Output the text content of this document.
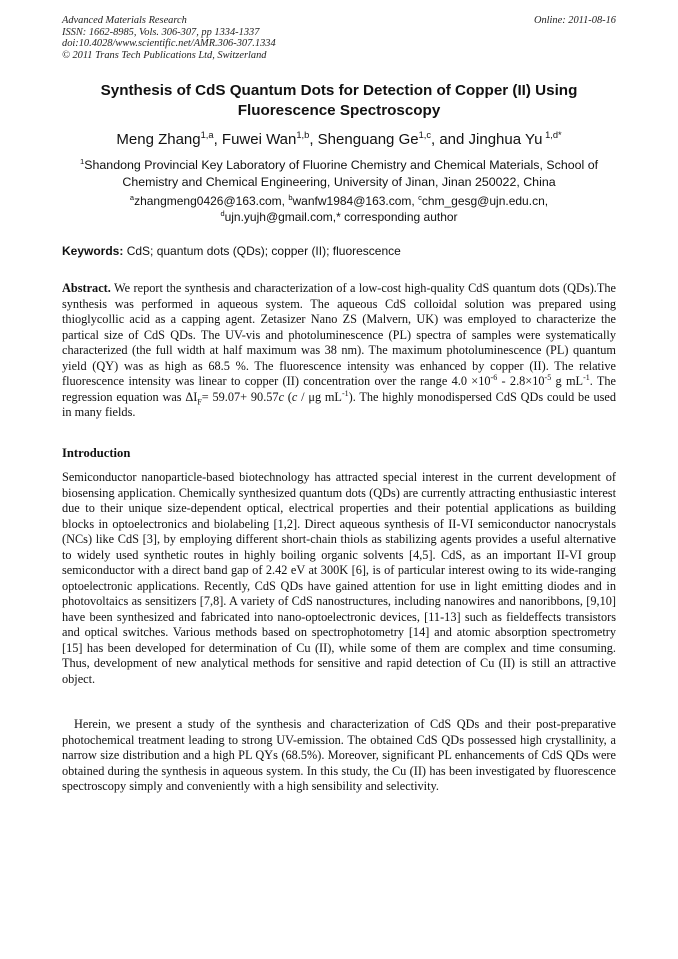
Advanced Materials Research
ISSN: 1662-8985, Vols. 306-307, pp 1334-1337
doi:10.4028/www.scientific.net/AMR.306-307.1334
© 2011 Trans Tech Publications Ltd, Switzerland
Online: 2011-08-16
Synthesis of CdS Quantum Dots for Detection of Copper (II) Using Fluorescence Spectroscopy
Meng Zhang$^{1,a}$, Fuwei Wan$^{1,b}$, Shenguang Ge$^{1,c}$, and Jinghua Yu $^{1,d*}$
$^1$Shandong Provincial Key Laboratory of Fluorine Chemistry and Chemical Materials, School of Chemistry and Chemical Engineering, University of Jinan, Jinan 250022, China
$^a$zhangmeng0426@163.com, $^b$wanfw1984@163.com, $^c$chm_gesg@ujn.edu.cn,
$^d$ujn.yujh@gmail.com,* corresponding author
Keywords: CdS; quantum dots (QDs); copper (II); fluorescence
Abstract. We report the synthesis and characterization of a low-cost high-quality CdS quantum dots (QDs).The synthesis was performed in aqueous system. The aqueous CdS colloidal solution was prepared using thioglycollic acid as a capping agent. Zetasizer Nano ZS (Malvern, UK) was employed to characterize the partical size of CdS QDs. The UV-vis and photoluminescence (PL) spectra of samples were systematically characterized (the full width at half maximum was 38 nm). The maximum photoluminescence (PL) quantum yield (QY) was as high as 68.5 %. The fluorescence intensity was enhanced by copper (II). The relative fluorescence intensity was linear to copper (II) concentration over the range $4.0 \times 10^{-6} - 2.8\times 10^{-5}$ g $mL^{-1}$. The regression equation was $\Delta I_F= 59.07+ 90.57c$ (c / μg $mL^{-1}$). The highly monodispersed CdS QDs could be used in many fields.
Introduction
Semiconductor nanoparticle-based biotechnology has attracted special interest in the current development of biosensing application. Chemically synthesized quantum dots (QDs) are currently attracting enthusiastic interest due to their unique size-dependent optical, electrical properties and their potential applications as building blocks in optoelectronics and biolabeling [1,2]. Direct aqueous synthesis of II-VI semiconductor nanocrystals (NCs) like CdS [3], by employing different short-chain thiols as stabilizing agents provides a useful alternative to widely used synthetic routes in highly boiling organic solvents [4,5]. CdS, as an important II-VI group semiconductor with a direct band gap of 2.42 eV at 300K [6], is of particular interest owing to its wide-ranging optoelectronic applications. Recently, CdS QDs have gained attention for use in light emitting diodes and in photovoltaics as sensitizers [7,8]. A variety of CdS nanostructures, including nanowires and nanoribbons, [9,10] have been synthesized and fabricated into nano-optoelectronic devices, [11-13] such as fieldeffects transistors and optical switches. Various methods based on spectrophotometry [14] and atomic absorption spectrometry [15] has been developed for determination of Cu (II), while some of them are complex and time consuming. Thus, development of new analytical methods for sensitive and rapid detection of Cu (II) is still an attractive object.
Herein, we present a study of the synthesis and characterization of CdS QDs and their post-preparative photochemical treatment leading to strong UV-emission. The obtained CdS QDs possessed high crystallinity, a narrow size distribution and a high PL QYs (68.5%). Moreover, significant PL enhancements of CdS QDs were obtained during the synthesis in aqueous system. In this study, the Cu (II) has been investigated by fluorescence spectroscopy simply and conveniently with a high sensibility and selectivity.
